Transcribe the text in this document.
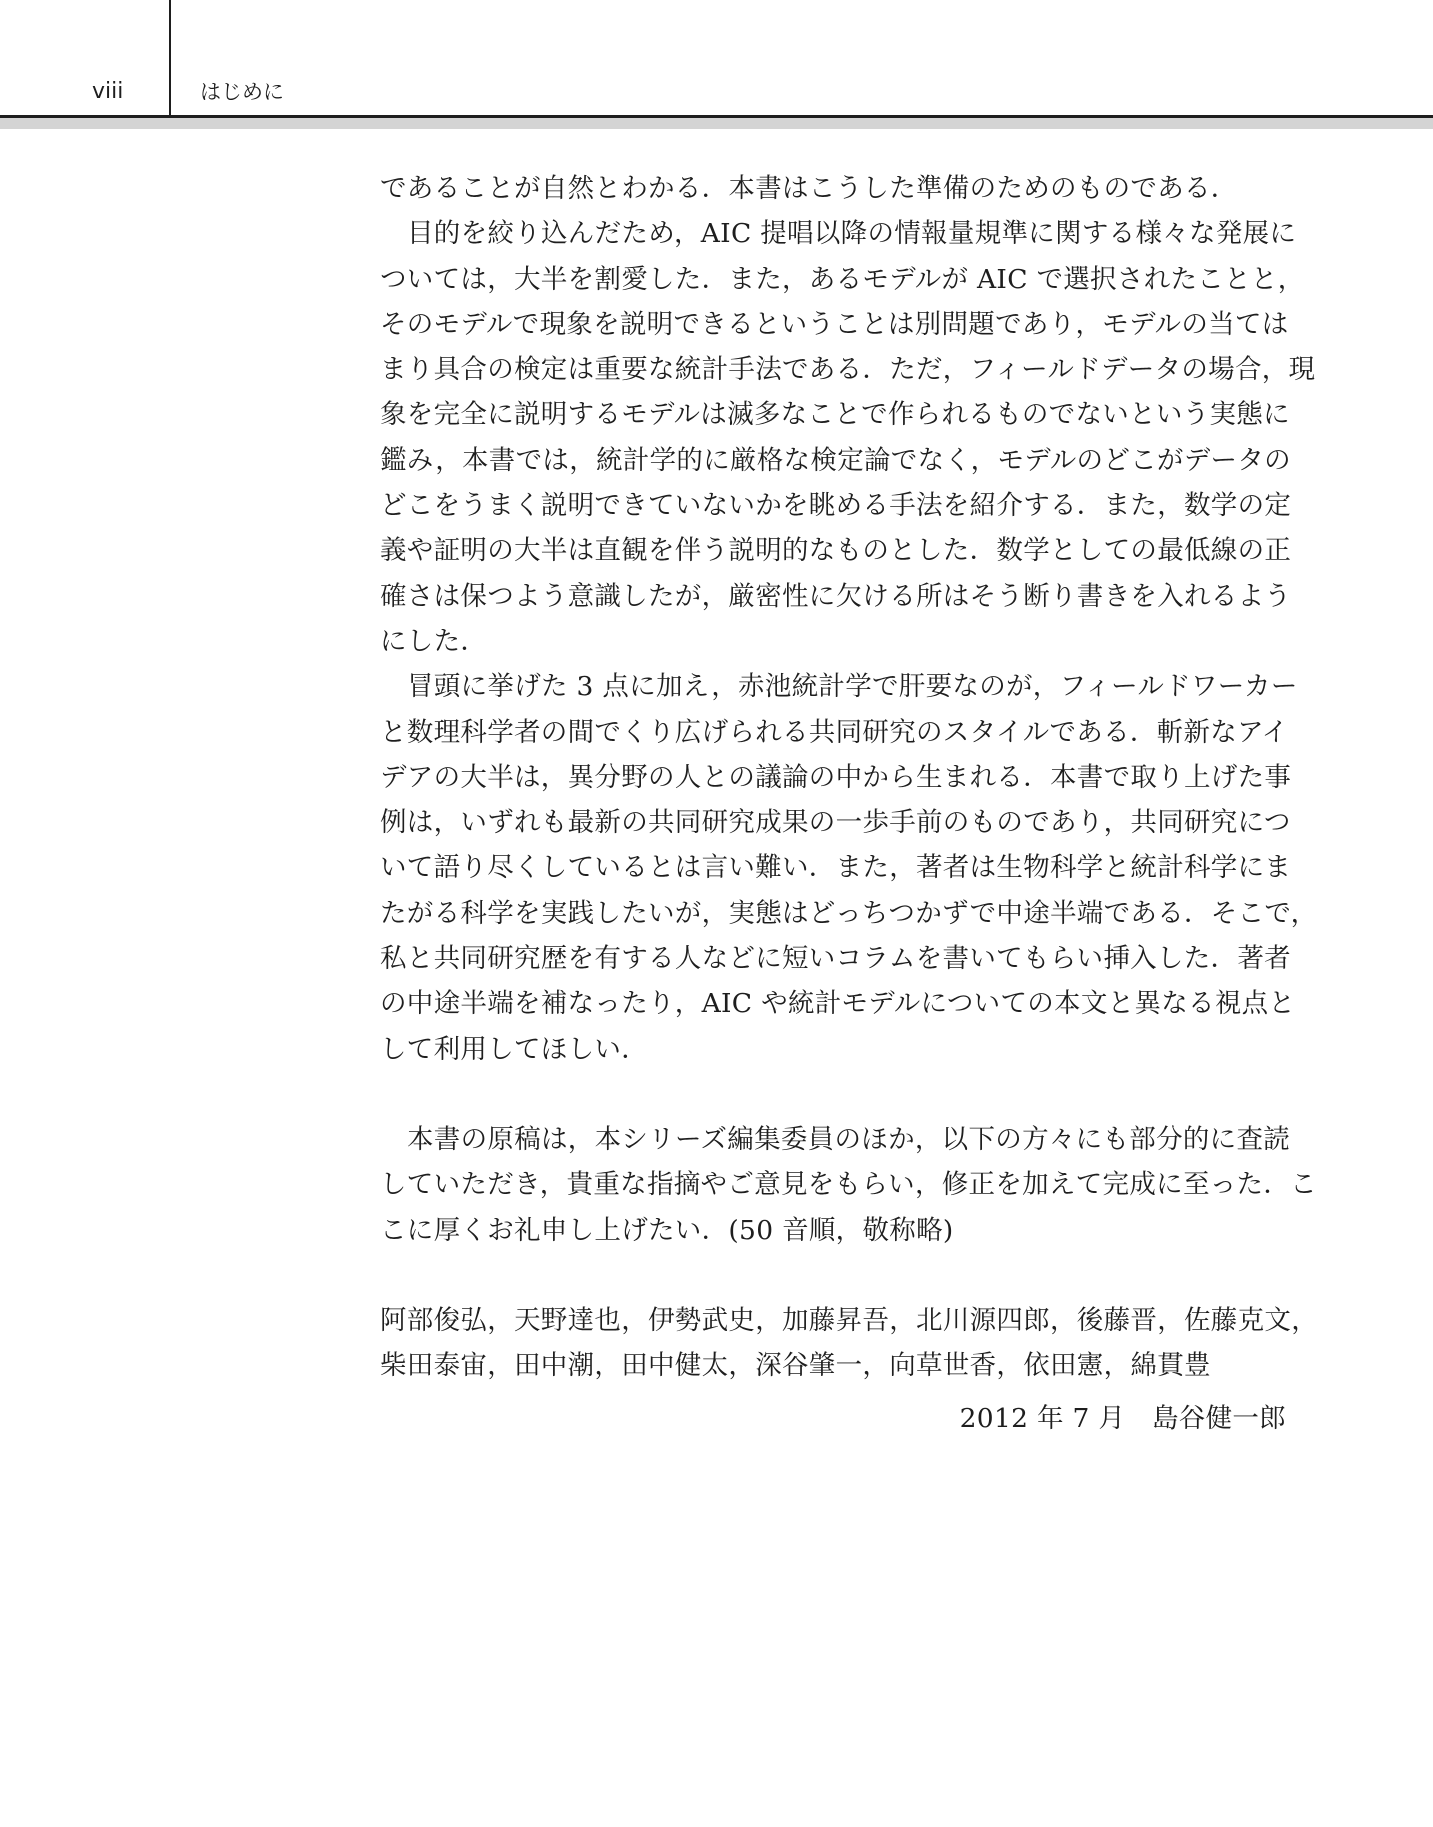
viii	はじめに
であることが自然とわかる．本書はこうした準備のためのものである．
目的を絞り込んだため，AIC 提唱以降の情報量規準に関する様々な発展に
ついては，大半を割愛した．また，あるモデルが AIC で選択されたことと，
そのモデルで現象を説明できるということは別問題であり，モデルの当ては
まり具合の検定は重要な統計手法である．ただ，フィールドデータの場合，現
象を完全に説明するモデルは滅多なことで作られるものでないという実態に
鑑み，本書では，統計学的に厳格な検定論でなく，モデルのどこがデータの
どこをうまく説明できていないかを眺める手法を紹介する．また，数学の定
義や証明の大半は直観を伴う説明的なものとした．数学としての最低線の正
確さは保つよう意識したが，厳密性に欠ける所はそう断り書きを入れるよう
にした．
冒頭に挙げた 3 点に加え，赤池統計学で肝要なのが，フィールドワーカー
と数理科学者の間でくり広げられる共同研究のスタイルである．斬新なアイ
デアの大半は，異分野の人との議論の中から生まれる．本書で取り上げた事
例は，いずれも最新の共同研究成果の一歩手前のものであり，共同研究につ
いて語り尽くしているとは言い難い．また，著者は生物科学と統計科学にま
たがる科学を実践したいが，実態はどっちつかずで中途半端である．そこで，
私と共同研究歴を有する人などに短いコラムを書いてもらい挿入した．著者
の中途半端を補なったり，AIC や統計モデルについての本文と異なる視点と
して利用してほしい．
本書の原稿は，本シリーズ編集委員のほか，以下の方々にも部分的に査読
していただき，貴重な指摘やご意見をもらい，修正を加えて完成に至った．こ
こに厚くお礼申し上げたい．(50 音順，敬称略)
阿部俊弘，天野達也，伊勢武史，加藤昇吾，北川源四郎，後藤晋，佐藤克文，
柴田泰宙，田中潮，田中健太，深谷肇一，向草世香，依田憲，綿貫豊
2012 年 7 月　島谷健一郎
